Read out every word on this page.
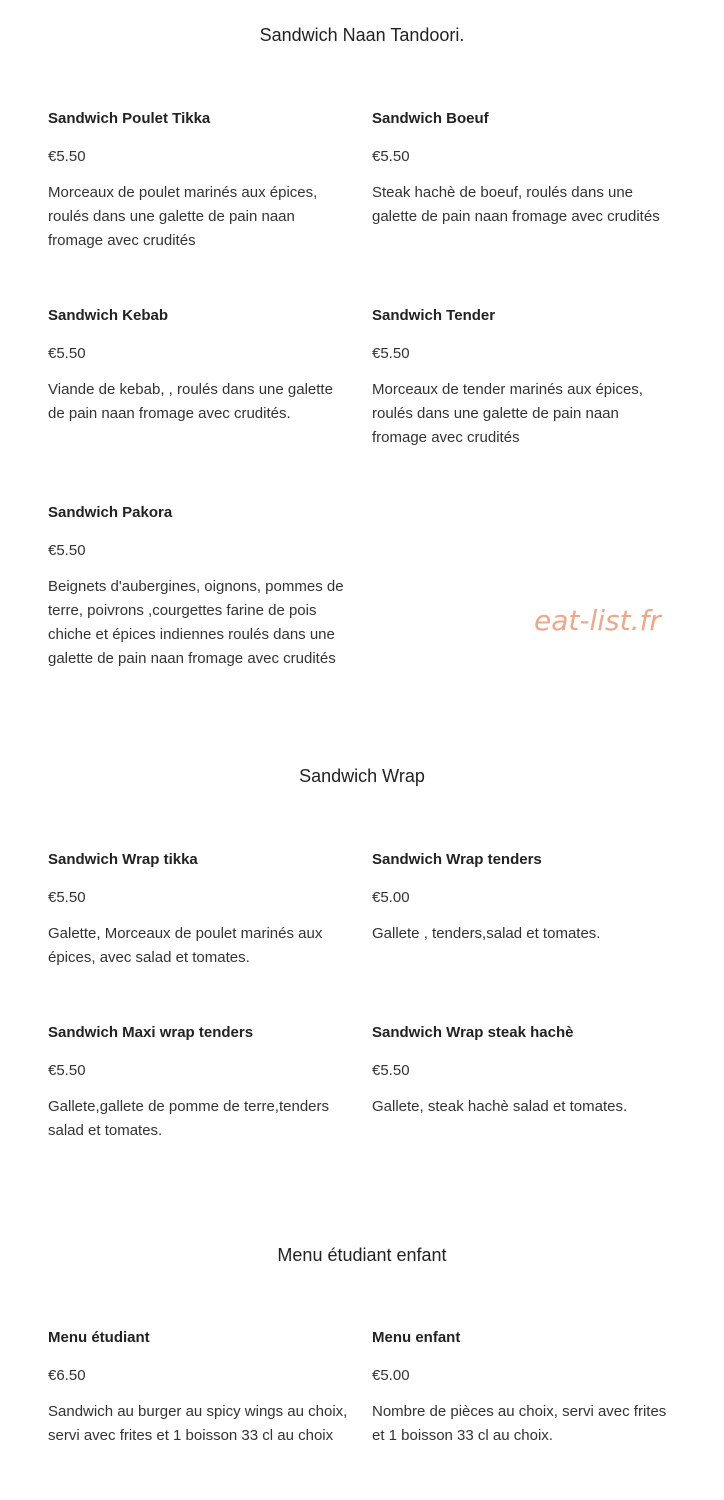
Sandwich Naan Tandoori.
Sandwich Poulet Tikka
€5.50
Morceaux de poulet marinés aux épices, roulés dans une galette de pain naan fromage avec crudités
Sandwich Boeuf
€5.50
Steak hachè de boeuf, roulés dans une galette de pain naan fromage avec crudités
Sandwich Kebab
€5.50
Viande de kebab, , roulés dans une galette de pain naan fromage avec crudités.
Sandwich Tender
€5.50
Morceaux de tender marinés aux épices, roulés dans une galette de pain naan fromage avec crudités
Sandwich Pakora
€5.50
Beignets d'aubergines, oignons, pommes de terre, poivrons ,courgettes farine de pois chiche et épices indiennes roulés dans une galette de pain naan fromage avec crudités
eat-list.fr
Sandwich Wrap
Sandwich Wrap tikka
€5.50
Galette, Morceaux de poulet marinés aux épices, avec salad et tomates.
Sandwich Wrap tenders
€5.00
Gallete , tenders,salad et tomates.
Sandwich Maxi wrap tenders
€5.50
Gallete,gallete de pomme de terre,tenders salad et tomates.
Sandwich Wrap steak hachè
€5.50
Gallete, steak hachè salad et tomates.
Menu étudiant enfant
Menu étudiant
€6.50
Sandwich au burger au spicy wings au choix, servi avec frites et 1 boisson 33 cl au choix
Menu enfant
€5.00
Nombre de pièces au choix, servi avec frites et 1 boisson 33 cl au choix.
